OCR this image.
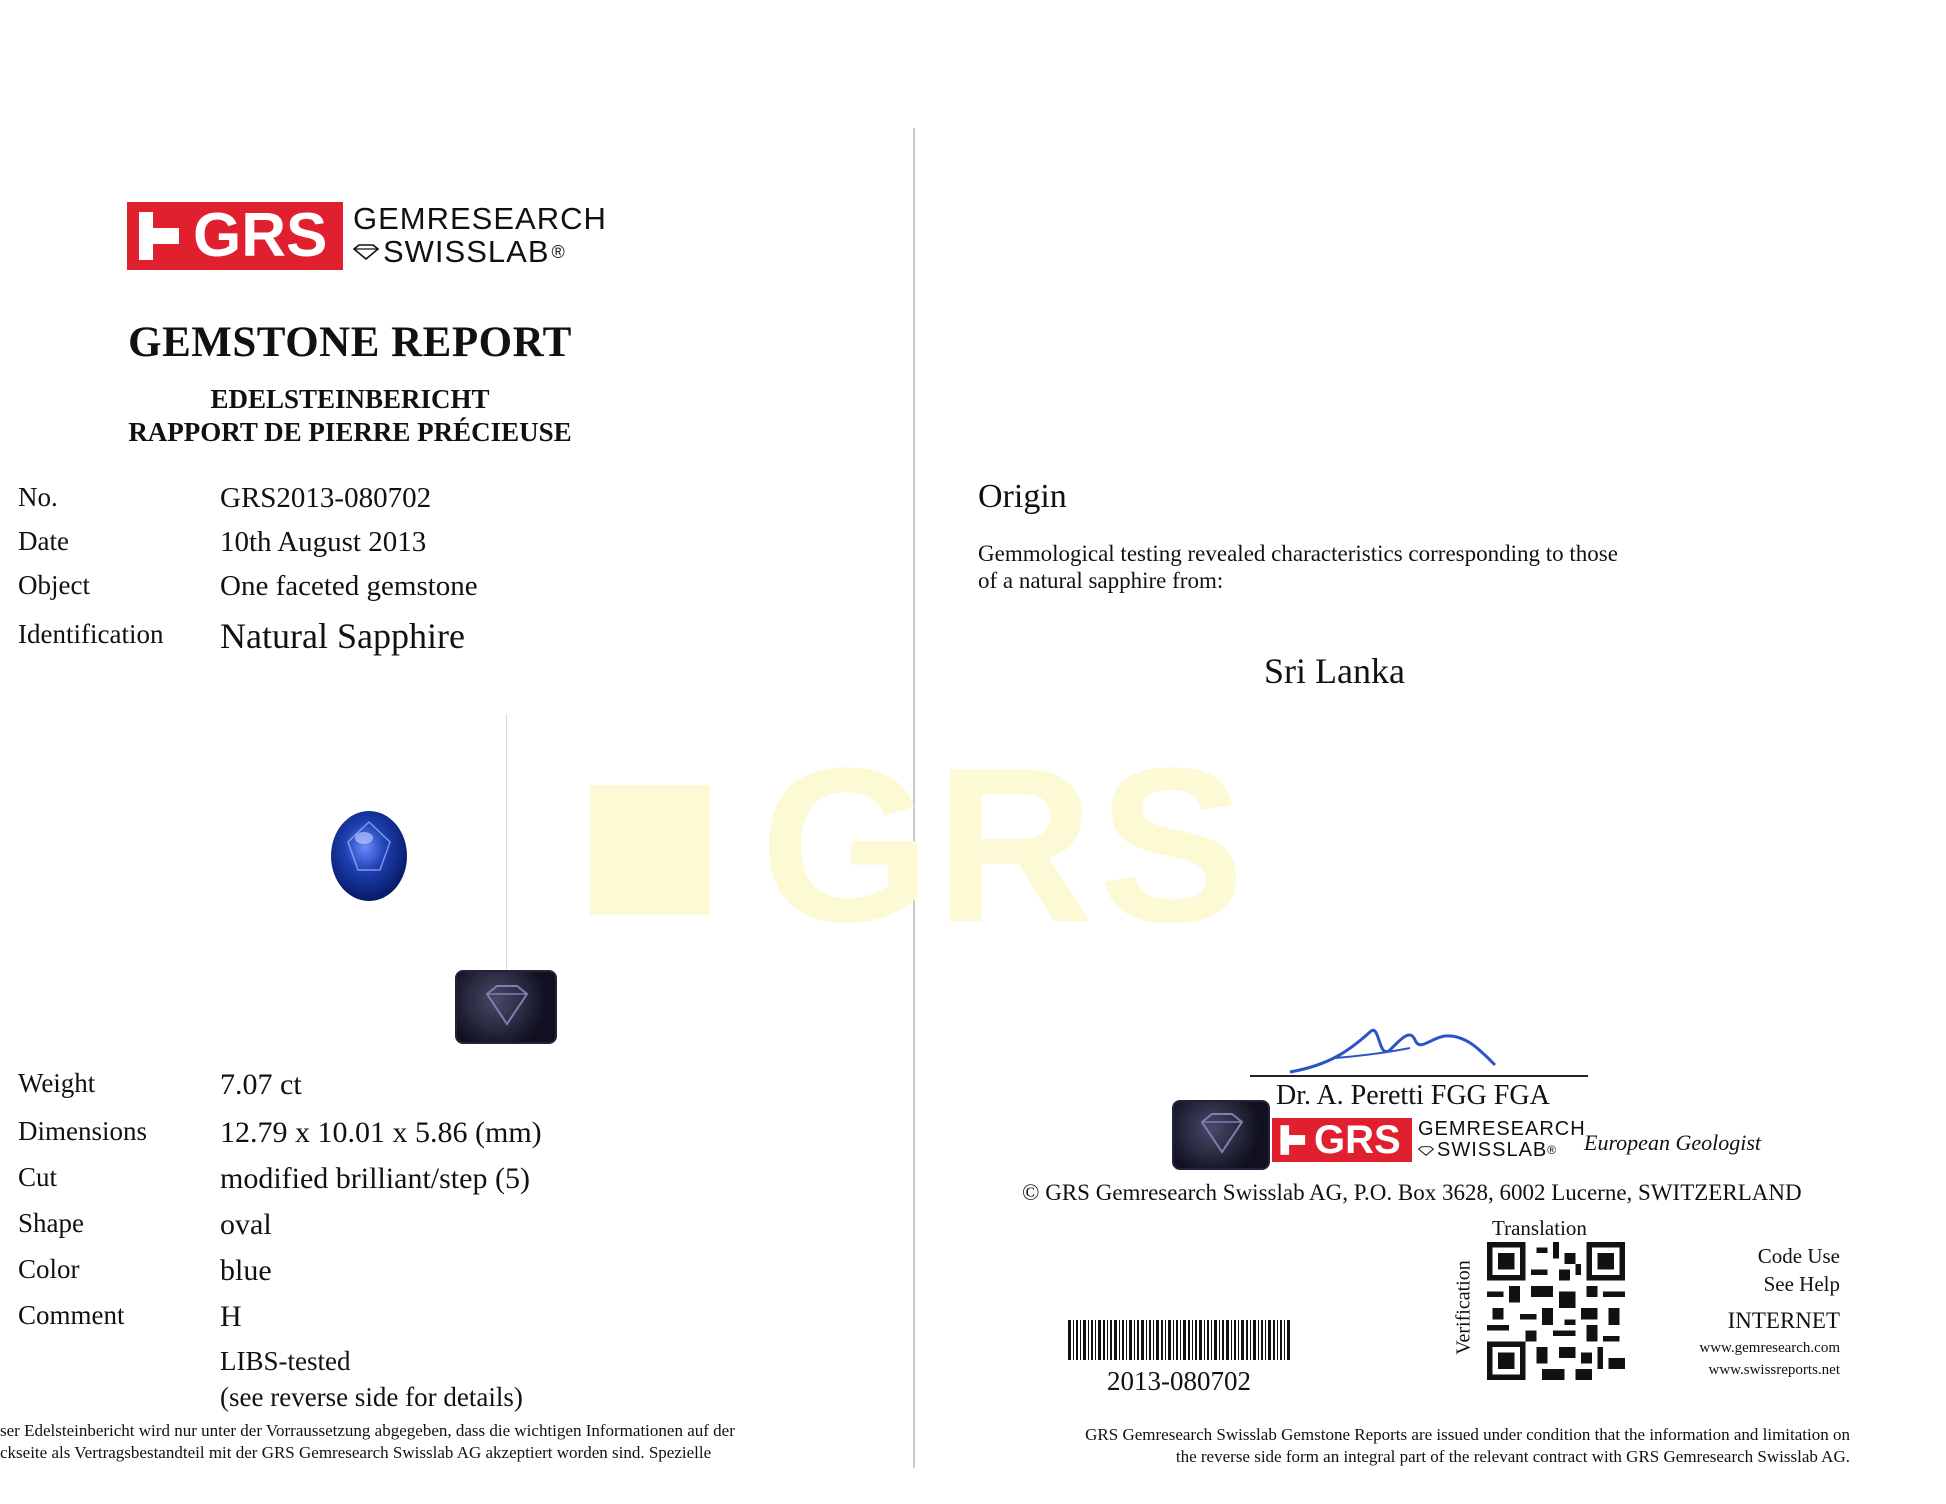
GRS
GRS GEMRESEARCH
SWISSLAB ®
GEMSTONE REPORT
EDELSTEINBERICHT
RAPPORT DE PIERRE PRÉCIEUSE
No.	GRS2013-080702
Date	10th August 2013
Object	One faceted gemstone
Identification	Natural Sapphire
Weight	7.07 ct
Dimensions	12.79 x 10.01 x 5.86 (mm)
Cut	modified brilliant/step (5)
Shape	oval
Color	blue
Comment	H
LIBS-tested
(see reverse side for details)
ser Edelsteinbericht wird nur unter der Vorraussetzung abgegeben, dass die wichtigen Informationen auf der
ckseite als Vertragsbestandteil mit der GRS Gemresearch Swisslab AG akzeptiert worden sind. Spezielle
Origin
Gemmological testing revealed characteristics corresponding to those
of a natural sapphire from:
Sri Lanka
Dr. A. Peretti FGG FGA
GRS GEMRESEARCH
SWISSLAB ® European Geologist
© GRS Gemresearch Swisslab AG, P.O. Box 3628, 6002 Lucerne, SWITZERLAND
Translation
Verification
Code Use
See Help
INTERNET
www.gemresearch.com
www.swissreports.net
2013-080702
GRS Gemresearch Swisslab Gemstone Reports are issued under condition that the information and limitation on
the reverse side form an integral part of the relevant contract with GRS Gemresearch Swisslab AG.
